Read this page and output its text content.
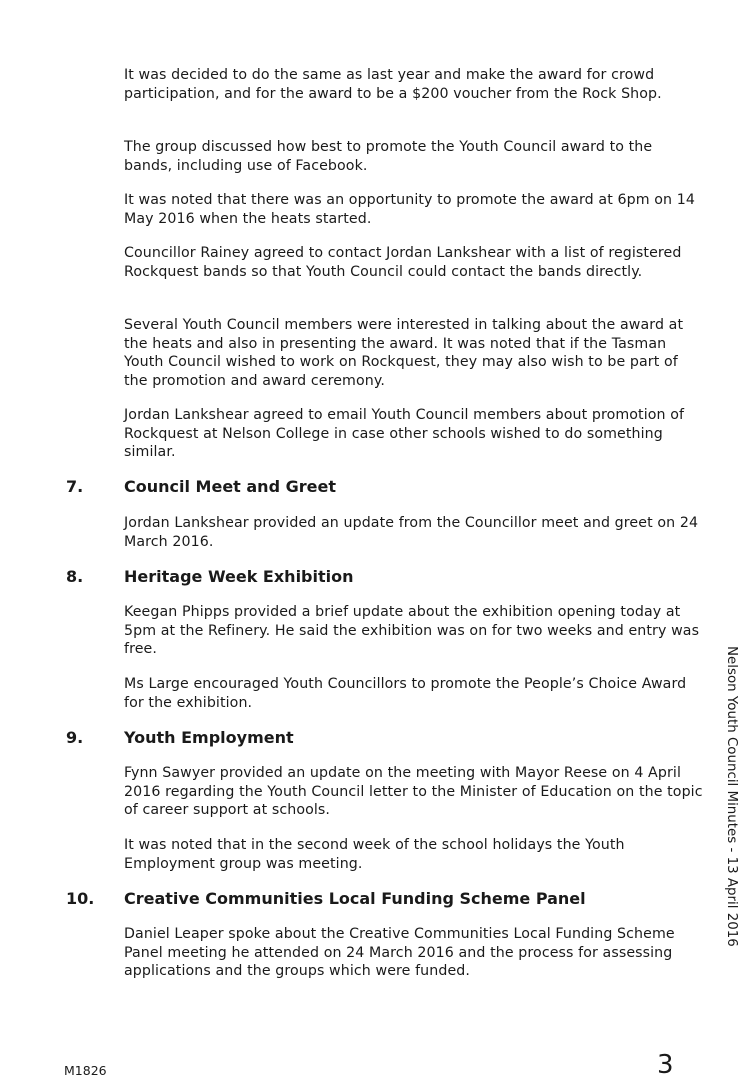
It was decided to do the same as last year and make the award for crowd participation, and for the award to be a $200 voucher from the Rock Shop.

The group discussed how best to promote the Youth Council award to the bands, including use of Facebook.

It was noted that there was an opportunity to promote the award at 6pm on 14 May 2016 when the heats started.

Councillor Rainey agreed to contact Jordan Lankshear with a list of registered Rockquest bands so that Youth Council could contact the bands directly.

Several Youth Council members were interested in talking about the award at the heats and also in presenting the award. It was noted that if the Tasman Youth Council wished to work on Rockquest, they may also wish to be part of the promotion and award ceremony.

Jordan Lankshear agreed to email Youth Council members about promotion of Rockquest at Nelson College in case other schools wished to do something similar.

7.	Council Meet and Greet

Jordan Lankshear provided an update from the Councillor meet and greet on 24 March 2016.

8.	Heritage Week Exhibition

Keegan Phipps provided a brief update about the exhibition opening today at 5pm at the Refinery. He said the exhibition was on for two weeks and entry was free.

Ms Large encouraged Youth Councillors to promote the People’s Choice Award for the exhibition.

9.	Youth Employment

Fynn Sawyer provided an update on the meeting with Mayor Reese on 4 April 2016 regarding the Youth Council letter to the Minister of Education on the topic of career support at schools.

It was noted that in the second week of the school holidays the Youth Employment group was meeting.

10. Creative Communities Local Funding Scheme Panel

Daniel Leaper spoke about the Creative Communities Local Funding Scheme Panel meeting he attended on 24 March 2016 and the process for assessing applications and the groups which were funded.

Nelson Youth Council Minutes - 13 April 2016
M1826	3
